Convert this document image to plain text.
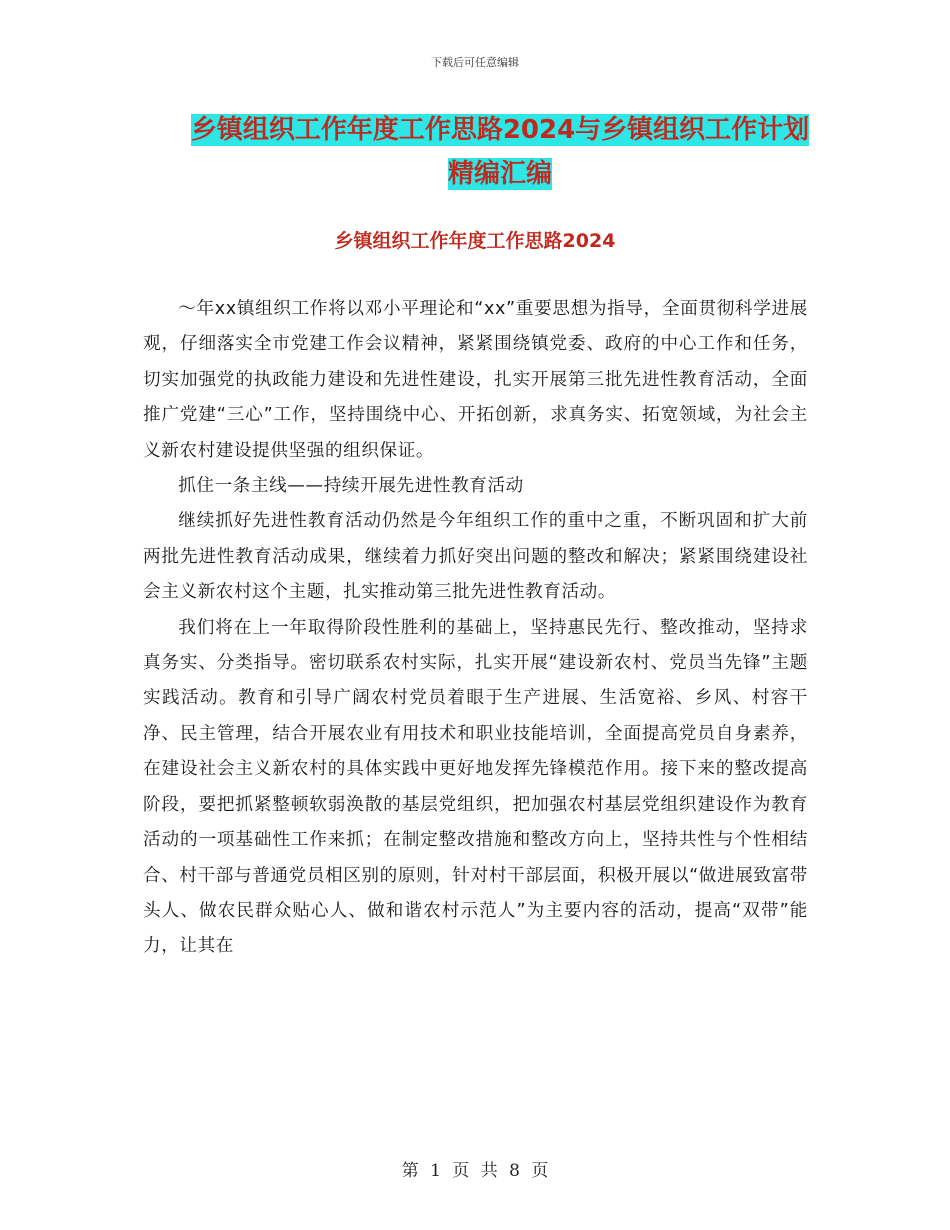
下载后可任意编辑
乡镇组织工作年度工作思路2024与乡镇组织工作计划
精编汇编
乡镇组织工作年度工作思路2024

～年xx镇组织工作将以邓小平理论和“xx”重要思想为指导，全面贯彻科学进展观，仔细落实全市党建工作会议精神，紧紧围绕镇党委、政府的中心工作和任务，切实加强党的执政能力建设和先进性建设，扎实开展第三批先进性教育活动，全面推广党建“三心”工作，坚持围绕中心、开拓创新，求真务实、拓宽领域，为社会主义新农村建设提供坚强的组织保证。

抓住一条主线——持续开展先进性教育活动

继续抓好先进性教育活动仍然是今年组织工作的重中之重，不断巩固和扩大前两批先进性教育活动成果，继续着力抓好突出问题的整改和解决；紧紧围绕建设社会主义新农村这个主题，扎实推动第三批先进性教育活动。

我们将在上一年取得阶段性胜利的基础上，坚持惠民先行、整改推动，坚持求真务实、分类指导。密切联系农村实际，扎实开展“建设新农村、党员当先锋”主题实践活动。教育和引导广阔农村党员着眼于生产进展、生活宽裕、乡风、村容干净、民主管理，结合开展农业有用技术和职业技能培训，全面提高党员自身素养，在建设社会主义新农村的具体实践中更好地发挥先锋模范作用。接下来的整改提高阶段，要把抓紧整顿软弱涣散的基层党组织，把加强农村基层党组织建设作为教育活动的一项基础性工作来抓；在制定整改措施和整改方向上，坚持共性与个性相结合、村干部与普通党员相区别的原则，针对村干部层面，积极开展以“做进展致富带头人、做农民群众贴心人、做和谐农村示范人”为主要内容的活动，提高“双带”能力，让其在

第 1 页 共 8 页
